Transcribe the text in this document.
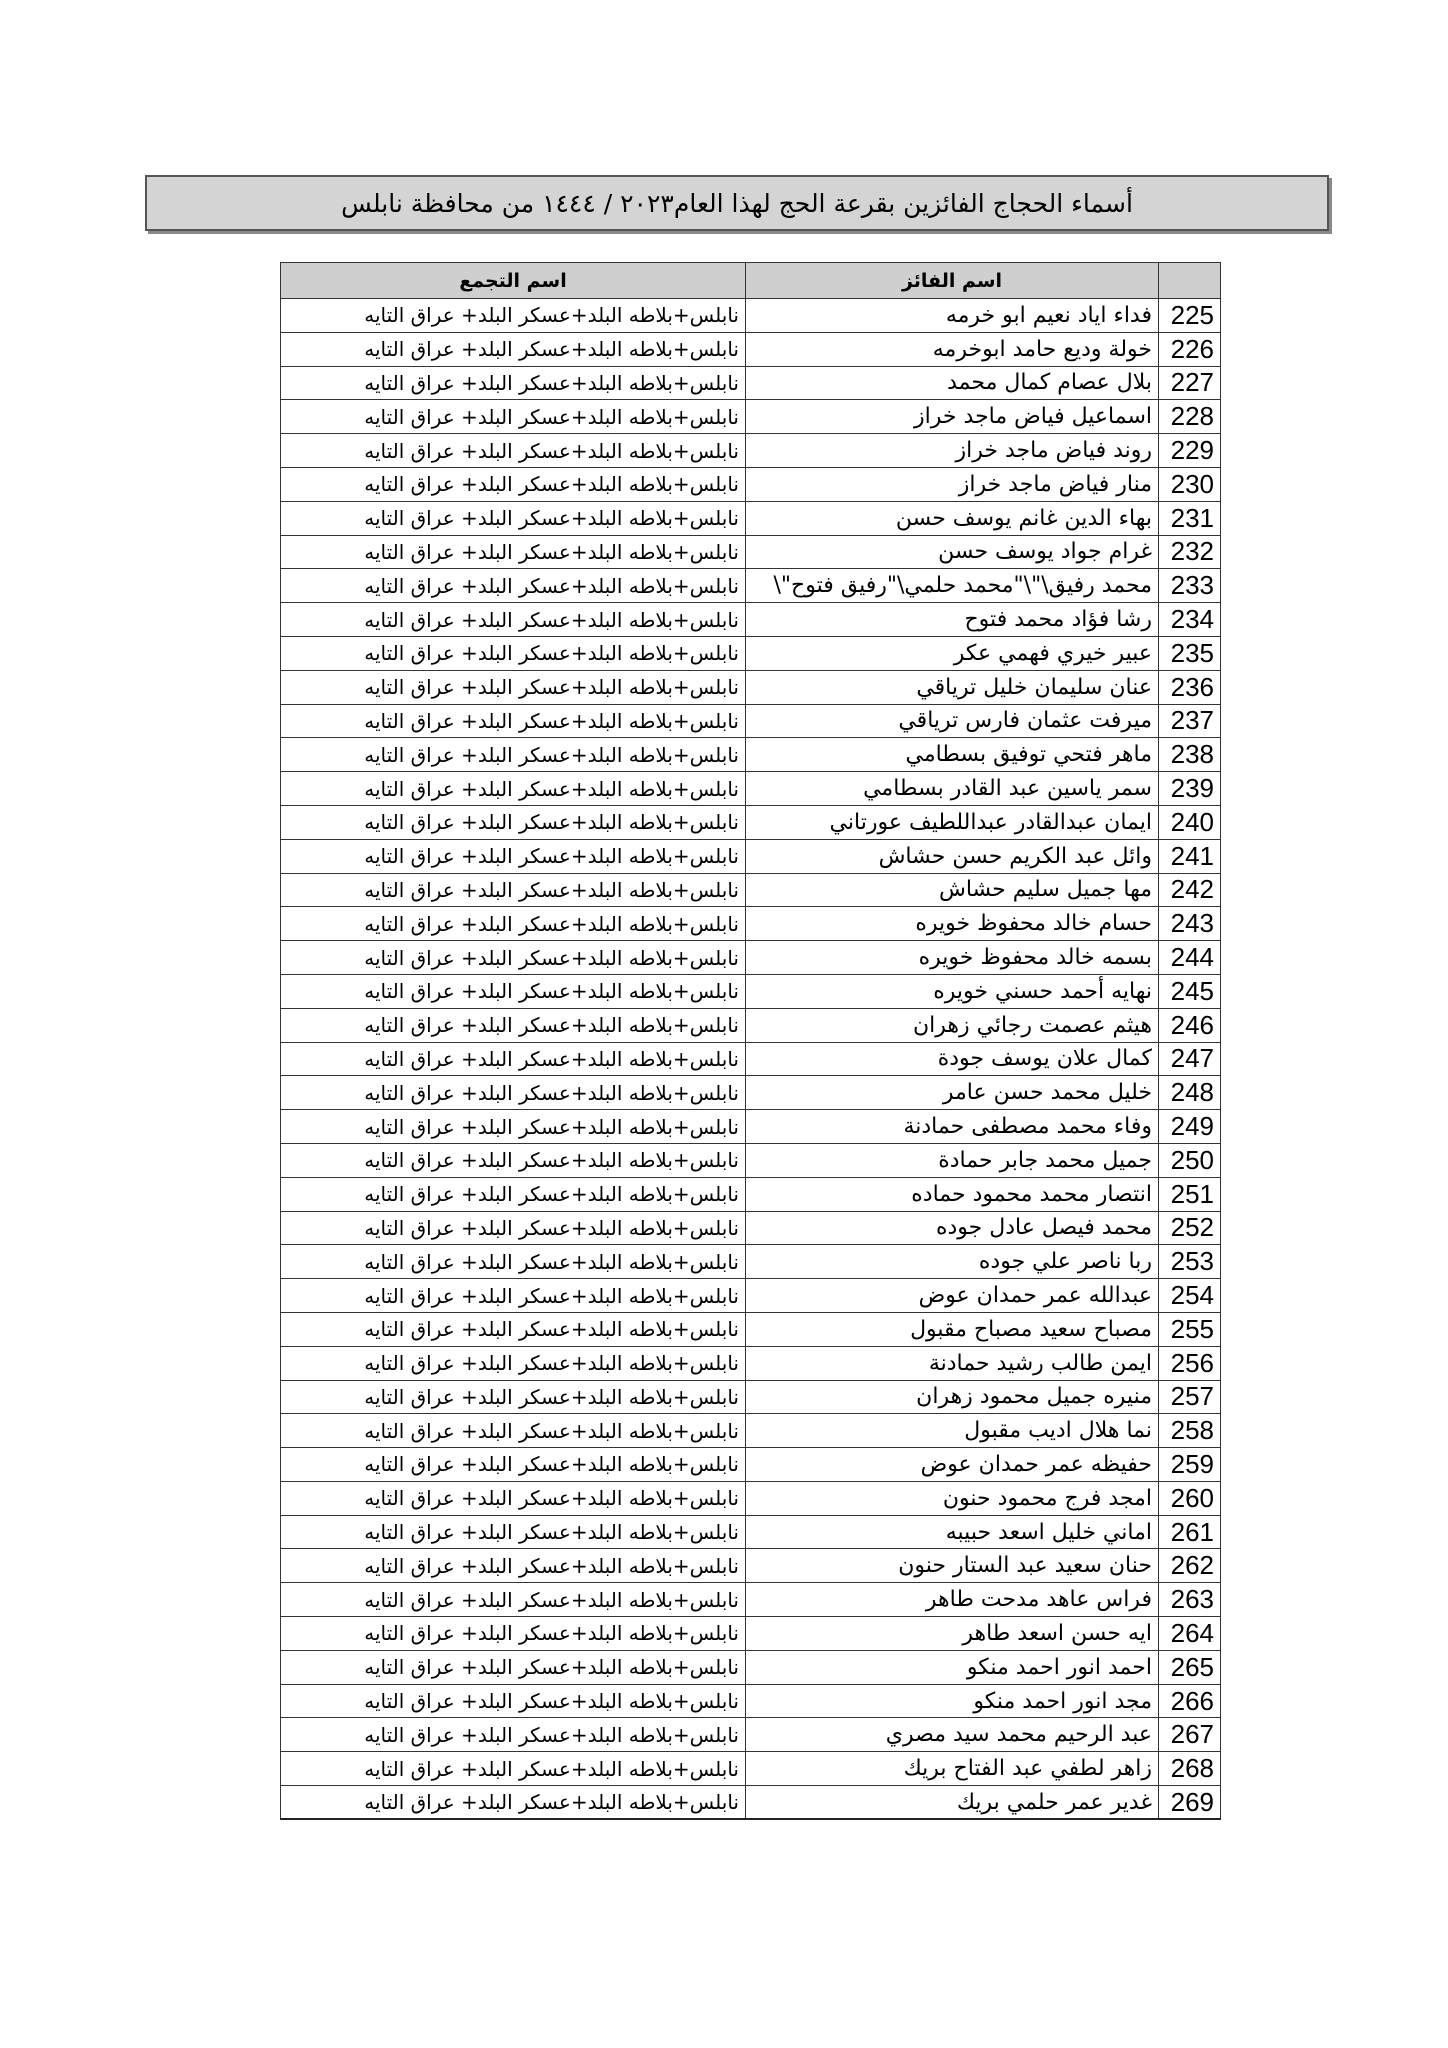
أسماء الحجاج الفائزين بقرعة الحج لهذا العام٢٠٢٣ / ١٤٤٤ من محافظة نابلس
	اسم الفائز	اسم التجمع
225	فداء اياد نعيم ابو خرمه	نابلس+بلاطه البلد+عسكر البلد+ عراق التايه
226	خولة وديع حامد ابوخرمه	نابلس+بلاطه البلد+عسكر البلد+ عراق التايه
227	بلال عصام كمال محمد	نابلس+بلاطه البلد+عسكر البلد+ عراق التايه
228	اسماعيل فياض ماجد خراز	نابلس+بلاطه البلد+عسكر البلد+ عراق التايه
229	روند فياض ماجد خراز	نابلس+بلاطه البلد+عسكر البلد+ عراق التايه
230	منار فياض ماجد خراز	نابلس+بلاطه البلد+عسكر البلد+ عراق التايه
231	بهاء الدين غانم يوسف حسن	نابلس+بلاطه البلد+عسكر البلد+ عراق التايه
232	غرام جواد يوسف حسن	نابلس+بلاطه البلد+عسكر البلد+ عراق التايه
233	محمد رفيق\"\"محمد حلمي\"رفيق فتوح"\	نابلس+بلاطه البلد+عسكر البلد+ عراق التايه
234	رشا فؤاد محمد فتوح	نابلس+بلاطه البلد+عسكر البلد+ عراق التايه
235	عبير خيري فهمي عكر	نابلس+بلاطه البلد+عسكر البلد+ عراق التايه
236	عنان سليمان خليل ترياقي	نابلس+بلاطه البلد+عسكر البلد+ عراق التايه
237	ميرفت عثمان فارس ترياقي	نابلس+بلاطه البلد+عسكر البلد+ عراق التايه
238	ماهر فتحي توفيق بسطامي	نابلس+بلاطه البلد+عسكر البلد+ عراق التايه
239	سمر ياسين عبد القادر بسطامي	نابلس+بلاطه البلد+عسكر البلد+ عراق التايه
240	ايمان عبدالقادر عبداللطيف عورتاني	نابلس+بلاطه البلد+عسكر البلد+ عراق التايه
241	وائل عبد الكريم حسن حشاش	نابلس+بلاطه البلد+عسكر البلد+ عراق التايه
242	مها جميل سليم حشاش	نابلس+بلاطه البلد+عسكر البلد+ عراق التايه
243	حسام خالد محفوظ خويره	نابلس+بلاطه البلد+عسكر البلد+ عراق التايه
244	بسمه خالد محفوظ خويره	نابلس+بلاطه البلد+عسكر البلد+ عراق التايه
245	نهايه أحمد حسني خويره	نابلس+بلاطه البلد+عسكر البلد+ عراق التايه
246	هيثم عصمت رجائي زهران	نابلس+بلاطه البلد+عسكر البلد+ عراق التايه
247	كمال علان يوسف جودة	نابلس+بلاطه البلد+عسكر البلد+ عراق التايه
248	خليل محمد حسن عامر	نابلس+بلاطه البلد+عسكر البلد+ عراق التايه
249	وفاء محمد مصطفى حمادنة	نابلس+بلاطه البلد+عسكر البلد+ عراق التايه
250	جميل محمد جابر حمادة	نابلس+بلاطه البلد+عسكر البلد+ عراق التايه
251	انتصار محمد محمود حماده	نابلس+بلاطه البلد+عسكر البلد+ عراق التايه
252	محمد فيصل عادل جوده	نابلس+بلاطه البلد+عسكر البلد+ عراق التايه
253	ربا ناصر علي جوده	نابلس+بلاطه البلد+عسكر البلد+ عراق التايه
254	عبدالله عمر حمدان عوض	نابلس+بلاطه البلد+عسكر البلد+ عراق التايه
255	مصباح سعيد مصباح مقبول	نابلس+بلاطه البلد+عسكر البلد+ عراق التايه
256	ايمن طالب رشيد حمادنة	نابلس+بلاطه البلد+عسكر البلد+ عراق التايه
257	منيره جميل محمود زهران	نابلس+بلاطه البلد+عسكر البلد+ عراق التايه
258	نما هلال اديب مقبول	نابلس+بلاطه البلد+عسكر البلد+ عراق التايه
259	حفيظه عمر حمدان عوض	نابلس+بلاطه البلد+عسكر البلد+ عراق التايه
260	امجد فرج محمود حنون	نابلس+بلاطه البلد+عسكر البلد+ عراق التايه
261	اماني خليل اسعد حبيبه	نابلس+بلاطه البلد+عسكر البلد+ عراق التايه
262	حنان سعيد عبد الستار حنون	نابلس+بلاطه البلد+عسكر البلد+ عراق التايه
263	فراس عاهد مدحت طاهر	نابلس+بلاطه البلد+عسكر البلد+ عراق التايه
264	ايه حسن اسعد طاهر	نابلس+بلاطه البلد+عسكر البلد+ عراق التايه
265	احمد انور احمد منكو	نابلس+بلاطه البلد+عسكر البلد+ عراق التايه
266	مجد انور احمد منكو	نابلس+بلاطه البلد+عسكر البلد+ عراق التايه
267	عبد الرحيم محمد سيد مصري	نابلس+بلاطه البلد+عسكر البلد+ عراق التايه
268	زاهر لطفي عبد الفتاح بريك	نابلس+بلاطه البلد+عسكر البلد+ عراق التايه
269	غدير عمر حلمي بريك	نابلس+بلاطه البلد+عسكر البلد+ عراق التايه
